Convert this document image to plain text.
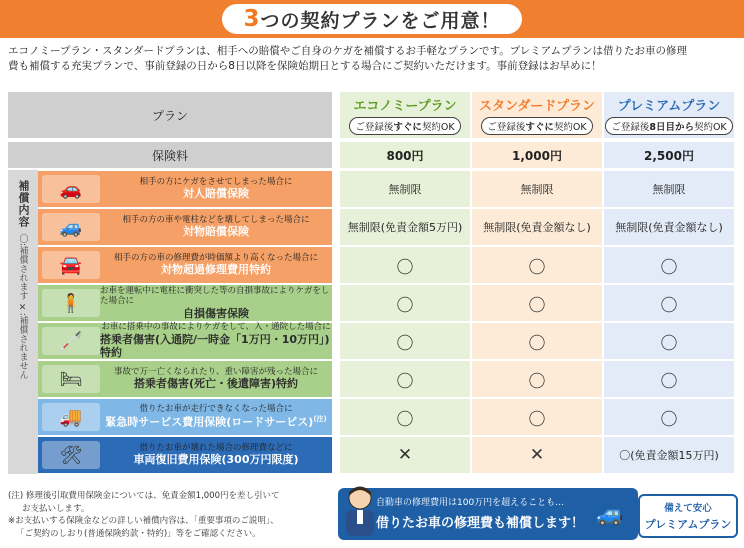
3 つの契約プランをご用意！
エコノミープラン・スタンダードプランは、相手への賠償やご自身のケガを補償するお手軽なプランです。プレミアムプランは借りたお車の修理
費も補償する充実プランで、事前登録の日から8日以降を保険始期日とする場合にご契約いただけます。事前登録はお早めに！
プラン
エコノミープラン
ご登録後すぐに契約OK
スタンダードプラン
ご登録後すぐに契約OK
プレミアムプラン
ご登録後8日目から契約OK
保険料	800円	1,000円	2,500円
🚗	相手の方にケガをさせてしまった場合に
対人賠償保険	無制限	無制限	無制限
🚙	相手の方の車や電柱などを壊してしまった場合に
対物賠償保険	無制限(免責金額5万円) 無制限(免責金額なし) 無制限(免責金額なし)
🚘	相手の方の車の修理費が時価額より高くなった場合に
対物超過修理費用特約	〇	〇	〇
🧍
お車を運転中に電柱に衝突した等の自損事故によりケガをした場合に
自損傷害保険	〇	〇	〇
🦯
お車に搭乗中の事故によりケガをして、入・通院した場合に
搭乗者傷害(入通院/一時金「1万円・10万円」)特約	〇	〇	〇
🛏	事故で万一亡くなられたり、重い障害が残った場合に
搭乗者傷害(死亡・後遺障害)特約	〇	〇	〇
🚚	借りたお車が走行できなくなった場合に
緊急時サービス費用保険(ロードサービス)$^{(注)}$	〇	〇	〇
🛠	借りたお車が壊れた場合の修理費などに
車両復旧費用保険(300万円限度)	✕	✕	〇(免責金額15万円)
補償内容
〇:補償されます ✕:補償されません
(注) 修理後引取費用保険金については、免責金額1,000円を差し引いて
お支払いします。
※お支払いする保険金などの詳しい補償内容は、「重要事項のご説明」、
「ご契約のしおり(普通保険約款・特約)」等をご確認ください。
自動車の修理費用は100万円を超えることも…
借りたお車の修理費も補償します！ 🚙	備えて安心
プレミアムプラン
